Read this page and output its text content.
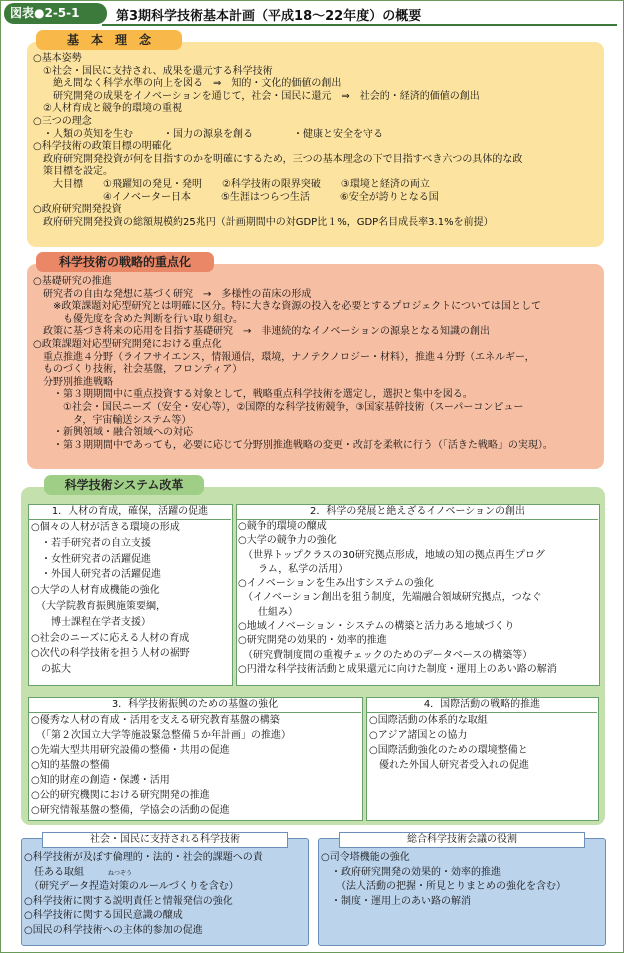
図表●2-5-1	第3期科学技術基本計画（平成18～22年度）の概要
基　本　理　念
○基本姿勢
　①社会・国民に支持され、成果を還元する科学技術
　　絶え間なく科学水準の向上を図る　⇒　知的・文化的価値の創出
　　研究開発の成果をイノベーションを通じて，社会・国民に還元　⇒　社会的・経済的価値の創出
　②人材育成と競争的環境の重視
○三つの理念
　・人類の英知を生む　　　・国力の源泉を創る　　　　・健康と安全を守る
○科学技術の政策目標の明確化
　政府研究開発投資が何を目指すのかを明確にするため，三つの基本理念の下で目指すべき六つの具体的な政
　策目標を設定。
　　大目標　　①飛躍知の発見・発明　　②科学技術の限界突破　　③環境と経済の両立
　　　　　　　④イノベーター日本　　　⑤生涯はつらつ生活　　　⑥安全が誇りとなる国
○政府研究開発投資
　政府研究開発投資の総額規模約25兆円（計画期間中の対GDP比１%，GDP名目成長率3.1%を前提）
科学技術の戦略的重点化
○基礎研究の推進
　研究者の自由な発想に基づく研究　→　多様性の苗床の形成
　　※政策課題対応型研究とは明確に区分。特に大きな資源の投入を必要とするプロジェクトについては国として
　　　も優先度を含めた判断を行い取り組む。
　政策に基づき将来の応用を目指す基礎研究　→　非連続的なイノベーションの源泉となる知識の創出
○政策課題対応型研究開発における重点化
　重点推進４分野（ライフサイエンス，情報通信，環境，ナノテクノロジー・材料），推進４分野（エネルギー，
　ものづくり技術，社会基盤，フロンティア）
　分野別推進戦略
　　・第３期期間中に重点投資する対象として，戦略重点科学技術を選定し，選択と集中を図る。
　　　①社会・国民ニーズ（安全・安心等），②国際的な科学技術競争，③国家基幹技術（スーパーコンピュー
　　　　タ，宇宙輸送システム等）
　　・新興領域・融合領域への対応
　　・第３期期間中であっても，必要に応じて分野別推進戦略の変更・改訂を柔軟に行う（「活きた戦略」の実現）。
科学技術システム改革
1．人材の育成，確保，活躍の促進
○個々の人材が活きる環境の形成
　・若手研究者の自立支援
　・女性研究者の活躍促進
　・外国人研究者の活躍促進
○大学の人材育成機能の強化
　（大学院教育振興施策要綱，
　　博士課程在学者支援）
○社会のニーズに応える人材の育成
○次代の科学技術を担う人材の裾野
　の拡大
2．科学の発展と絶えざるイノベーションの創出
○競争的環境の醸成
○大学の競争力の強化
　（世界トップクラスの30研究拠点形成，地域の知の拠点再生プログ
　　ラム，私学の活用）
○イノベーションを生み出すシステムの強化
　（イノベーション創出を狙う制度，先端融合領域研究拠点，つなぐ
　　仕組み）
○地域イノベーション・システムの構築と活力ある地域づくり
○研究開発の効果的・効率的推進
　（研究費制度間の重複チェックのためのデータベースの構築等）
○円滑な科学技術活動と成果還元に向けた制度・運用上のあい路の解消
3．科学技術振興のための基盤の強化
○優秀な人材の育成・活用を支える研究教育基盤の構築
　（「第２次国立大学等施設緊急整備５か年計画」の推進）
○先端大型共用研究設備の整備・共用の促進
○知的基盤の整備
○知的財産の創造・保護・活用
○公的研究機関における研究開発の推進
○研究情報基盤の整備，学協会の活動の促進
4．国際活動の戦略的推進
○国際活動の体系的な取組
○アジア諸国との協力
○国際活動強化のための環境整備と
　優れた外国人研究者受入れの促進
社会・国民に支持される科学技術
ねつぞう
○科学技術が及ぼす倫理的・法的・社会的課題への責
　任ある取組
　（研究データ捏造対策のルールづくりを含む）
○科学技術に関する説明責任と情報発信の強化
○科学技術に関する国民意識の醸成
○国民の科学技術への主体的参加の促進
総合科学技術会議の役割
○司令塔機能の強化
　・政府研究開発の効果的・効率的推進
　　（法人活動の把握・所見とりまとめの強化を含む）
　・制度・運用上のあい路の解消
